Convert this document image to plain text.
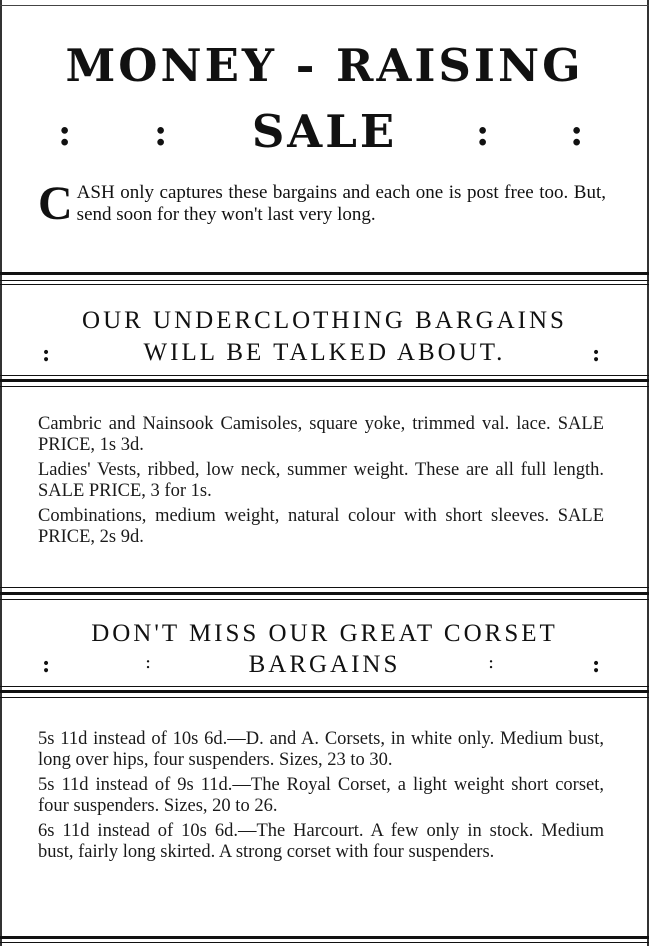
MONEY - RAISING
: :	SALE	: :
CASH only captures these bargains and each one is post free too. But, send soon for they won't last very long.
OUR UNDERCLOTHING BARGAINS
:	WILL BE TALKED ABOUT.	:

Cambric and Nainsook Camisoles, square yoke, trimmed val. lace. SALE PRICE, 1s 3d.

Ladies' Vests, ribbed, low neck, summer weight. These are all full length. SALE PRICE, 3 for 1s.

Combinations, medium weight, natural colour with short sleeves. SALE PRICE, 2s 9d.

DON'T MISS OUR GREAT CORSET
:	:	BARGAINS	:	:

5s 11d instead of 10s 6d.—D. and A. Corsets, in white only. Medium bust, long over hips, four suspenders. Sizes, 23 to 30.

5s 11d instead of 9s 11d.—The Royal Corset, a light weight short corset, four suspenders. Sizes, 20 to 26.

6s 11d instead of 10s 6d.—The Harcourt. A few only in stock. Medium bust, fairly long skirted. A strong corset with four suspenders.
